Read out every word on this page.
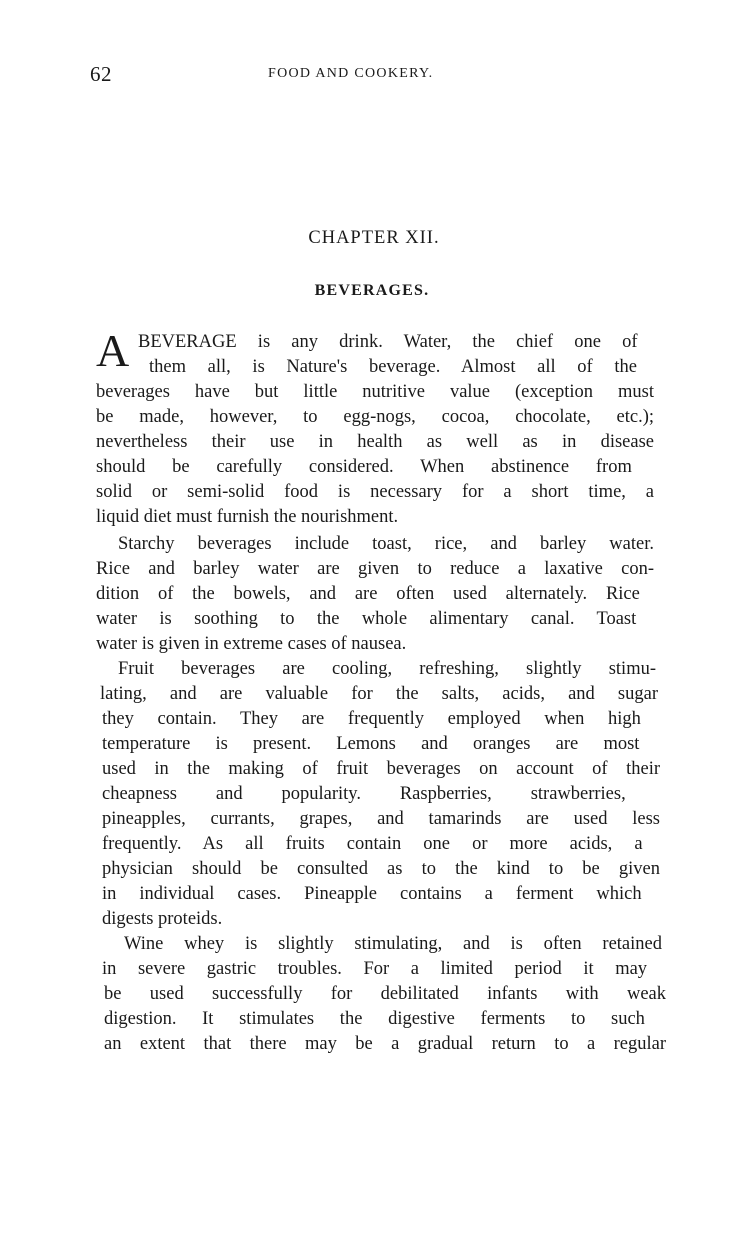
62	FOOD AND COOKERY.
CHAPTER XII.
BEVERAGES.
A BEVERAGE is any drink. Water, the chief one of
them all, is Nature's beverage. Almost all of the
beverages have but little nutritive value (exception must
be made, however, to egg-nogs, cocoa, chocolate, etc.);
nevertheless their use in health as well as in disease
should be carefully considered. When abstinence from
solid or semi-solid food is necessary for a short time, a
liquid diet must furnish the nourishment.
Starchy beverages include toast, rice, and barley water.
Rice and barley water are given to reduce a laxative con-
dition of the bowels, and are often used alternately. Rice
water is soothing to the whole alimentary canal. Toast
water is given in extreme cases of nausea.
Fruit beverages are cooling, refreshing, slightly stimu-
lating, and are valuable for the salts, acids, and sugar
they contain. They are frequently employed when high
temperature is present. Lemons and oranges are most
used in the making of fruit beverages on account of their
cheapness and popularity. Raspberries, strawberries,
pineapples, currants, grapes, and tamarinds are used less
frequently. As all fruits contain one or more acids, a
physician should be consulted as to the kind to be given
in individual cases. Pineapple contains a ferment which
digests proteids.
Wine whey is slightly stimulating, and is often retained
in severe gastric troubles. For a limited period it may
be used successfully for debilitated infants with weak
digestion. It stimulates the digestive ferments to such
an extent that there may be a gradual return to a regular
